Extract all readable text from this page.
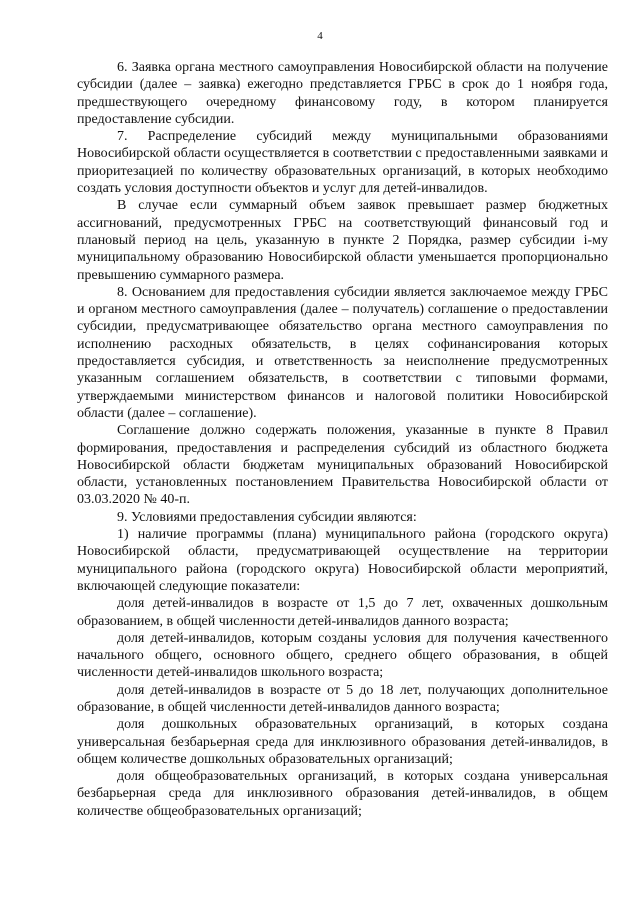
4

6. Заявка органа местного самоуправления Новосибирской области на получение субсидии (далее – заявка) ежегодно представляется ГРБС в срок до 1 ноября года, предшествующего очередному финансовому году, в котором планируется предоставление субсидии.

7. Распределение субсидий между муниципальными образованиями Новосибирской области осуществляется в соответствии с предоставленными заявками и приоритезацией по количеству образовательных организаций, в которых необходимо создать условия доступности объектов и услуг для детей-инвалидов.

В случае если суммарный объем заявок превышает размер бюджетных ассигнований, предусмотренных ГРБС на соответствующий финансовый год и плановый период на цель, указанную в пункте 2 Порядка, размер субсидии i-му муниципальному образованию Новосибирской области уменьшается пропорционально превышению суммарного размера.

8. Основанием для предоставления субсидии является заключаемое между ГРБС и органом местного самоуправления (далее – получатель) соглашение о предоставлении субсидии, предусматривающее обязательство органа местного самоуправления по исполнению расходных обязательств, в целях софинансирования которых предоставляется субсидия, и ответственность за неисполнение предусмотренных указанным соглашением обязательств, в соответствии с типовыми формами, утверждаемыми министерством финансов и налоговой политики Новосибирской области (далее – соглашение).

Соглашение должно содержать положения, указанные в пункте 8 Правил формирования, предоставления и распределения субсидий из областного бюджета Новосибирской области бюджетам муниципальных образований Новосибирской области, установленных постановлением Правительства Новосибирской области от 03.03.2020 № 40-п.

9. Условиями предоставления субсидии являются:

1) наличие программы (плана) муниципального района (городского округа) Новосибирской области, предусматривающей осуществление на территории муниципального района (городского округа) Новосибирской области мероприятий, включающей следующие показатели:

доля детей-инвалидов в возрасте от 1,5 до 7 лет, охваченных дошкольным образованием, в общей численности детей-инвалидов данного возраста;

доля детей-инвалидов, которым созданы условия для получения качественного начального общего, основного общего, среднего общего образования, в общей численности детей-инвалидов школьного возраста;

доля детей-инвалидов в возрасте от 5 до 18 лет, получающих дополнительное образование, в общей численности детей-инвалидов данного возраста;

доля дошкольных образовательных организаций, в которых создана универсальная безбарьерная среда для инклюзивного образования детей-инвалидов, в общем количестве дошкольных образовательных организаций;

доля общеобразовательных организаций, в которых создана универсальная безбарьерная среда для инклюзивного образования детей-инвалидов, в общем количестве общеобразовательных организаций;
